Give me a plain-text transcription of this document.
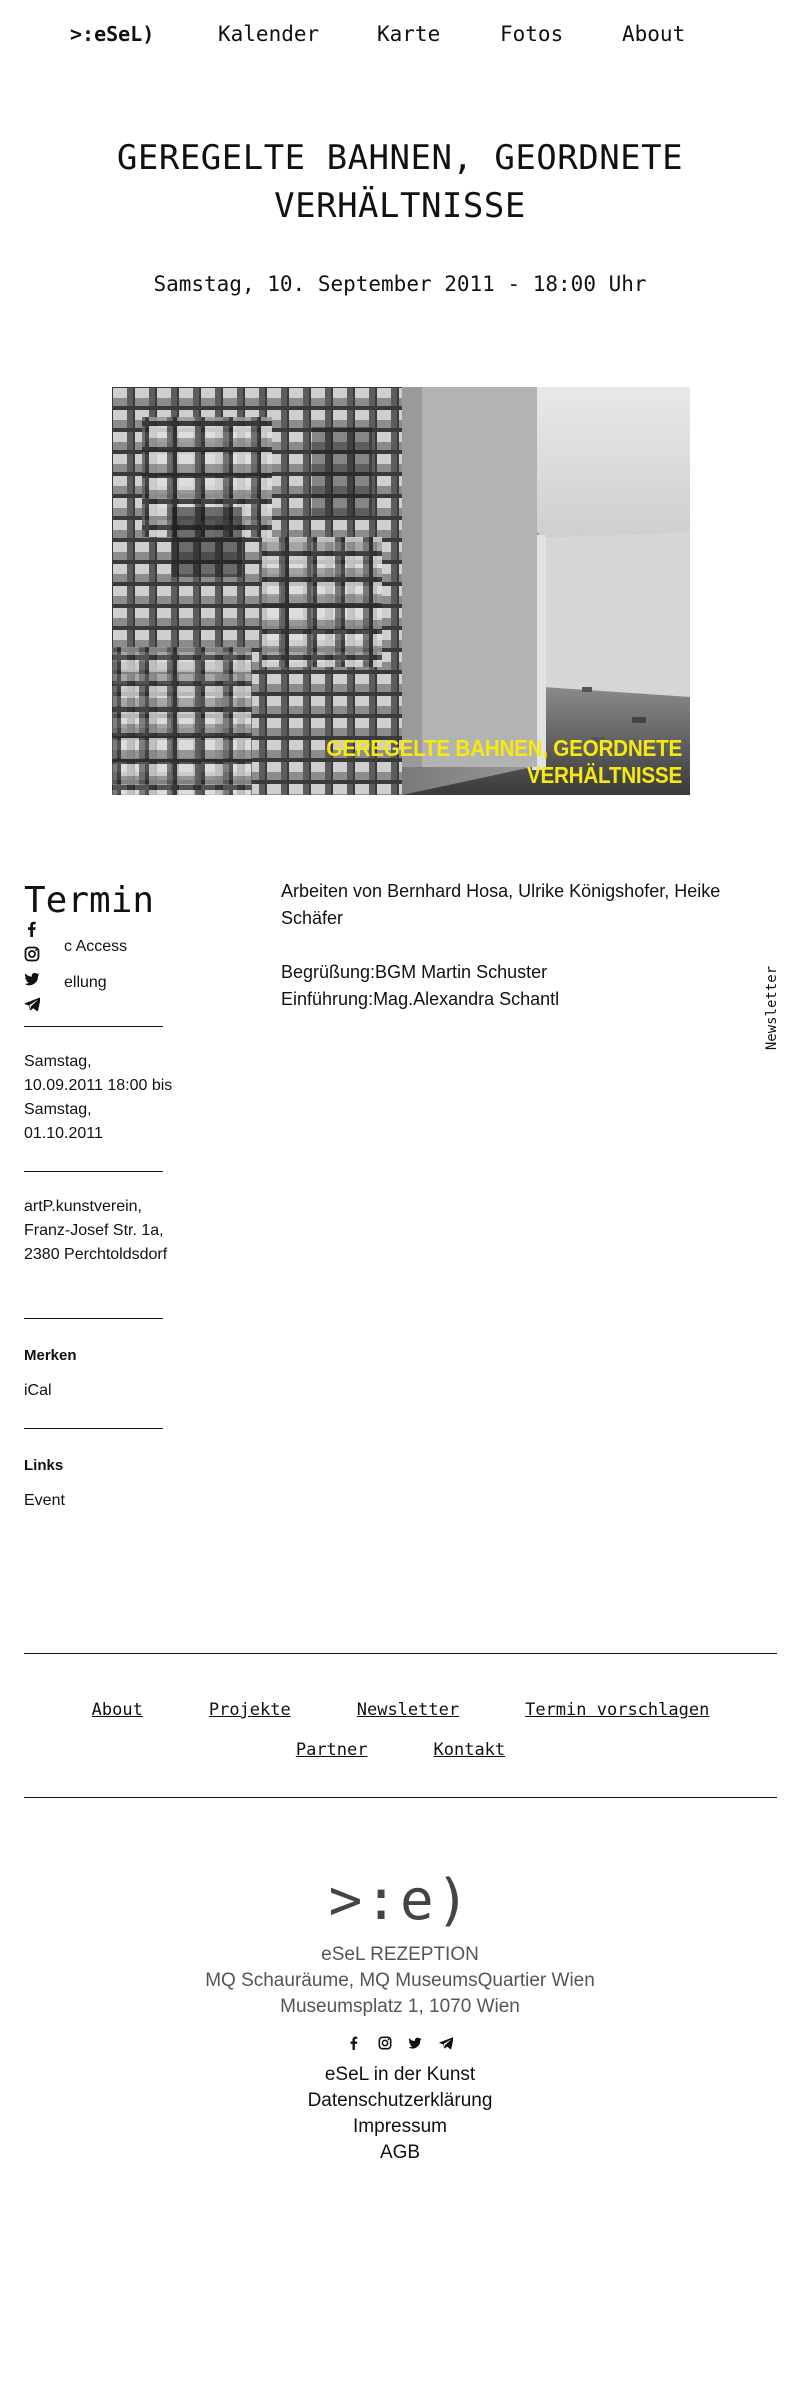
>:eSeL)	Kalender	Karte	Fotos	About
GEREGELTE BAHNEN, GEORDNETE
VERHÄLTNISSE
Samstag, 10. September 2011 - 18:00 Uhr
GEREGELTE BAHNEN, GEORDNETE VERHÄLTNISSE
Termin
c Access
ellung
Samstag, 10.09.2011 18:00 bis Samstag, 01.10.2011
artP.kunstverein, Franz-Josef Str. 1a, 2380 Perchtoldsdorf
Merken
iCal
Links
Event

Arbeiten von Bernhard Hosa, Ulrike Königshofer, Heike Schäfer

Begrüßung:BGM Martin Schuster
Einführung:Mag.Alexandra Schantl	Newsletter
About	Projekte	Newsletter	Termin vorschlagen
Partner	Kontakt
>:e)
eSeL REZEPTION
MQ Schauräume, MQ MuseumsQuartier Wien
Museumsplatz 1, 1070 Wien

eSeL in der Kunst
Datenschutzerklärung
Impressum
AGB
